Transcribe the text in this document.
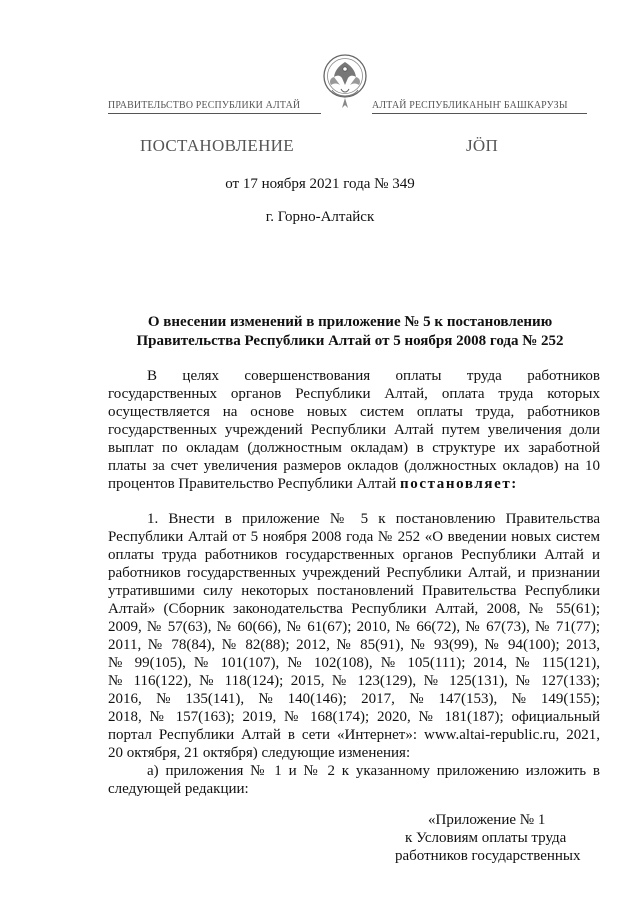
ПРАВИТЕЛЬСТВО РЕСПУБЛИКИ АЛТАЙ	АЛТАЙ РЕСПУБЛИКАНЫҤ БАШКАРУЗЫ
ПОСТАНОВЛЕНИЕ	ЈӦП
от 17 ноября 2021 года № 349
г. Горно-Алтайск
О внесении изменений в приложение № 5 к постановлению
Правительства Республики Алтай от 5 ноября 2008 года № 252
В целях совершенствования оплаты труда работников
государственных органов Республики Алтай, оплата труда которых
осуществляется на основе новых систем оплаты труда, работников
государственных учреждений Республики Алтай путем увеличения доли
выплат по окладам (должностным окладам) в структуре их заработной
платы за счет увеличения размеров окладов (должностных окладов) на 10
процентов Правительство Республики Алтай постановляет:
1. Внести в приложение № 5 к постановлению Правительства
Республики Алтай от 5 ноября 2008 года № 252 «О введении новых систем
оплаты труда работников государственных органов Республики Алтай и
работников государственных учреждений Республики Алтай, и признании
утратившими силу некоторых постановлений Правительства Республики
Алтай» (Сборник законодательства Республики Алтай, 2008, № 55(61);
2009, № 57(63), № 60(66), № 61(67); 2010, № 66(72), № 67(73), № 71(77);
2011, № 78(84), № 82(88); 2012, № 85(91), № 93(99), № 94(100); 2013,
№ 99(105), № 101(107), № 102(108), № 105(111); 2014, № 115(121),
№ 116(122), № 118(124); 2015, № 123(129), № 125(131), № 127(133);
2016, № 135(141), № 140(146); 2017, № 147(153), № 149(155);
2018, № 157(163); 2019, № 168(174); 2020, № 181(187); официальный
портал Республики Алтай в сети «Интернет»: www.altai-republic.ru, 2021,
20 октября, 21 октября) следующие изменения:
а) приложения № 1 и № 2 к указанному приложению изложить в
следующей редакции:
«Приложение № 1
к Условиям оплаты труда
работников государственных
